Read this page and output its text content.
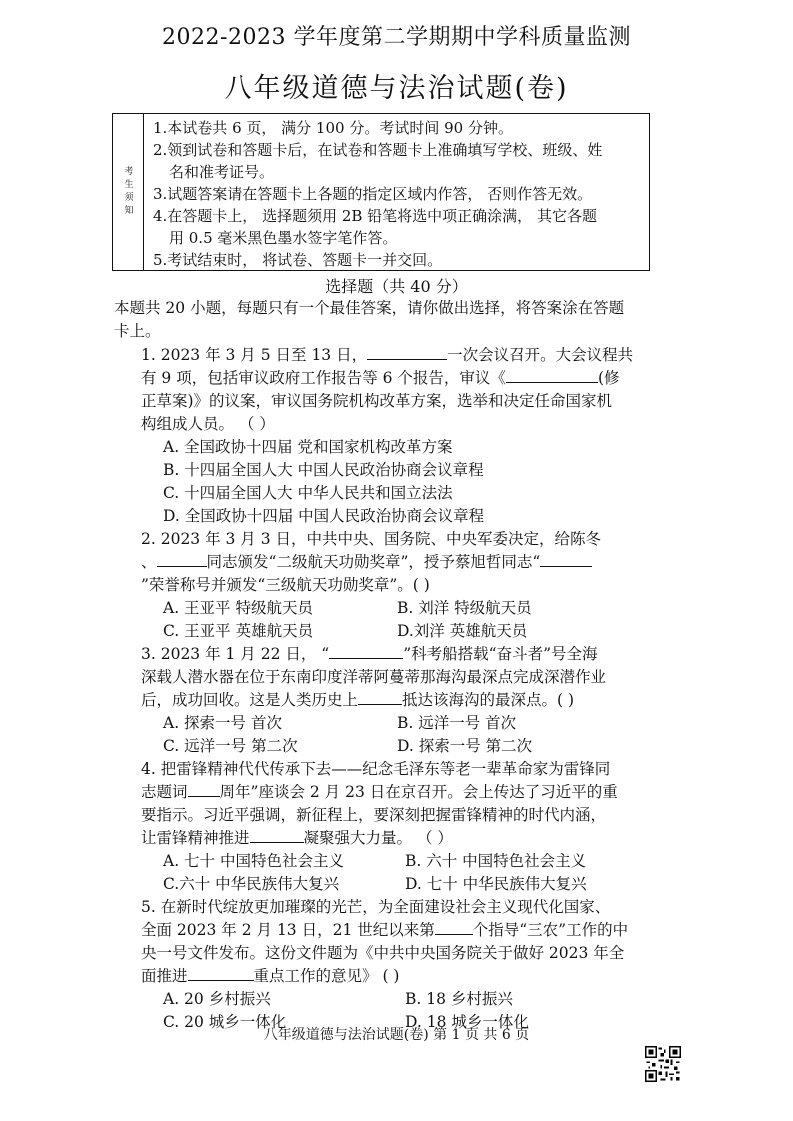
2022-2023 学年度第二学期期中学科质量监测
八年级道德与法治试题(卷)
考生须知
1.本试卷共 6 页， 满分 100 分。考试时间 90 分钟。
2.领到试卷和答题卡后，在试卷和答题卡上准确填写学校、班级、姓
名和准考证号。
3.试题答案请在答题卡上各题的指定区域内作答， 否则作答无效。
4.在答题卡上， 选择题须用 2B 铅笔将选中项正确涂满， 其它各题
用 0.5 毫米黑色墨水签字笔作答。
5.考试结束时， 将试卷、答题卡一并交回。
选择题（共 40 分）
本题共 20 小题，每题只有一个最佳答案，请你做出选择，将答案涂在答题
卡上。
1. 2023 年 3 月 5 日至 13 日，	一次会议召开。大会议程共
有 9 项，包括审议政府工作报告等 6 个报告，审议《	(修
正草案)》的议案，审议国务院机构改革方案，选举和决定任命国家机
构组成人员。 （ ）
A. 全国政协十四届 党和国家机构改革方案
B. 十四届全国人大 中国人民政治协商会议章程
C. 十四届全国人大 中华人民共和国立法法
D. 全国政协十四届 中国人民政治协商会议章程
2. 2023 年 3 月 3 日，中共中央、国务院、中央军委决定，给陈冬
、	同志颁发“二级航天功勋奖章”，授予蔡旭哲同志“
”荣誉称号并颁发“三级航天功勋奖章”。( )
A. 王亚平 特级航天员	B. 刘洋 特级航天员
C. 王亚平 英雄航天员	D.刘洋 英雄航天员
3. 2023 年 1 月 22 日， “	”科考船搭载“奋斗者”号全海
深载人潜水器在位于东南印度洋蒂阿蔓蒂那海沟最深点完成深潜作业
后，成功回收。这是人类历史上	抵达该海沟的最深点。( )
A. 探索一号 首次	B. 远洋一号 首次
C. 远洋一号 第二次	D. 探索一号 第二次
4. 把雷锋精神代代传承下去——纪念毛泽东等老一辈革命家为雷锋同
志题词 周年”座谈会 2 月 23 日在京召开。会上传达了习近平的重
要指示。习近平强调，新征程上，要深刻把握雷锋精神的时代内涵，
让雷锋精神推进	凝聚强大力量。 （ ）
A. 七十 中国特色社会主义	B. 六十 中国特色社会主义
C.六十 中华民族伟大复兴	D. 七十 中华民族伟大复兴
5. 在新时代绽放更加璀璨的光芒，为全面建设社会主义现代化国家、
全面 2023 年 2 月 13 日，21 世纪以来第 个指导“三农”工作的中
央一号文件发布。这份文件题为《中共中央国务院关于做好 2023 年全
面推进	重点工作的意见》 ( )
A. 20 乡村振兴	B. 18 乡村振兴
C. 20 城乡一体化	D. 18 城乡一体化
八年级道德与法治试题(卷) 第 1 页 共 6 页
